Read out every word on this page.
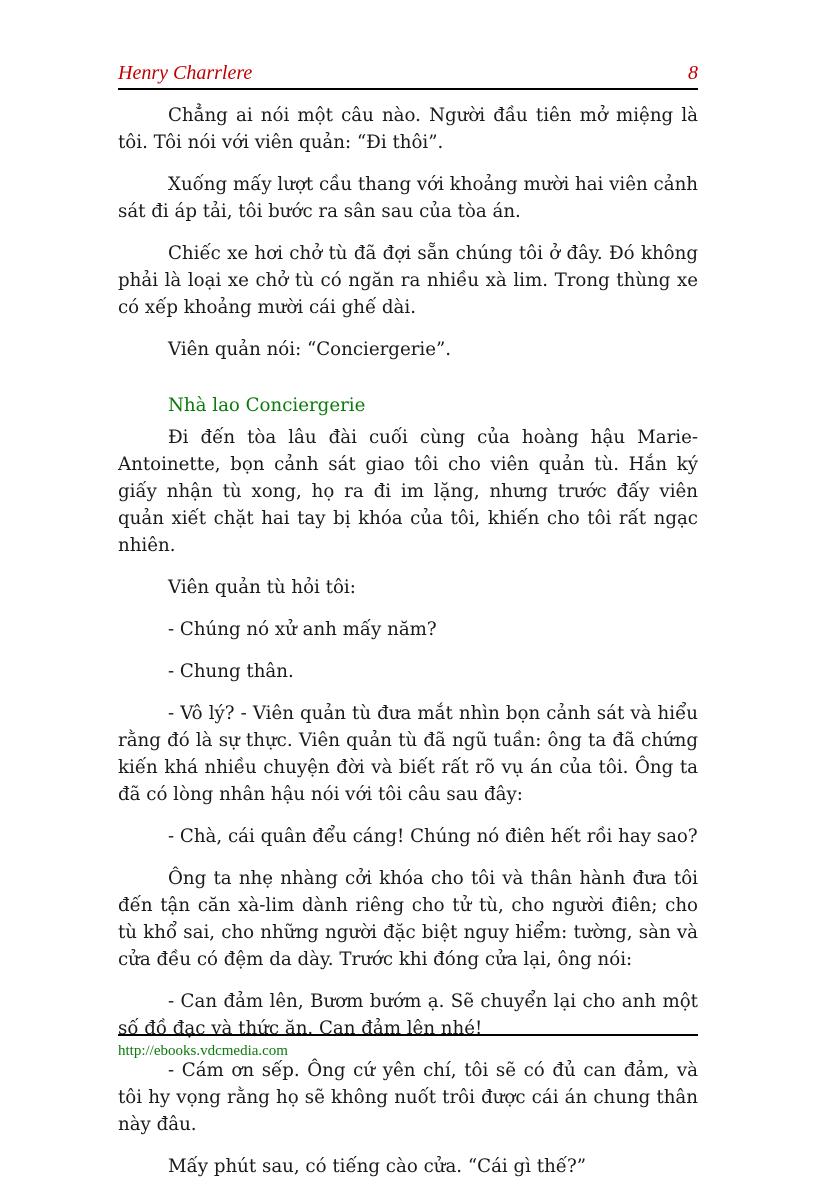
Henry Charrlere	8

Chẳng ai nói một câu nào. Người đầu tiên mở miệng là tôi. Tôi nói với viên quản: “Đi thôi”.

Xuống mấy lượt cầu thang với khoảng mười hai viên cảnh sát đi áp tải, tôi bước ra sân sau của tòa án.

Chiếc xe hơi chở tù đã đợi sẵn chúng tôi ở đây. Đó không phải là loại xe chở tù có ngăn ra nhiều xà lim. Trong thùng xe có xếp khoảng mười cái ghế dài.

Viên quản nói: “Conciergerie”.

Nhà lao Conciergerie

Đi đến tòa lâu đài cuối cùng của hoàng hậu Marie-Antoinette, bọn cảnh sát giao tôi cho viên quản tù. Hắn ký giấy nhận tù xong, họ ra đi im lặng, nhưng trước đấy viên quản xiết chặt hai tay bị khóa của tôi, khiến cho tôi rất ngạc nhiên.

Viên quản tù hỏi tôi:

- Chúng nó xử anh mấy năm?

- Chung thân.

- Vô lý? - Viên quản tù đưa mắt nhìn bọn cảnh sát và hiểu rằng đó là sự thực. Viên quản tù đã ngũ tuần: ông ta đã chứng kiến khá nhiều chuyện đời và biết rất rõ vụ án của tôi. Ông ta đã có lòng nhân hậu nói với tôi câu sau đây:

- Chà, cái quân đểu cáng! Chúng nó điên hết rồi hay sao?

Ông ta nhẹ nhàng cởi khóa cho tôi và thân hành đưa tôi đến tận căn xà-lim dành riêng cho tử tù, cho người điên; cho tù khổ sai, cho những người đặc biệt nguy hiểm: tường, sàn và cửa đều có đệm da dày. Trước khi đóng cửa lại, ông nói:

- Can đảm lên, Bươm bướm ạ. Sẽ chuyển lại cho anh một số đồ đạc và thức ăn. Can đảm lên nhé!

- Cám ơn sếp. Ông cứ yên chí, tôi sẽ có đủ can đảm, và tôi hy vọng rằng họ sẽ không nuốt trôi được cái án chung thân này đâu.

Mấy phút sau, có tiếng cào cửa. “Cái gì thế?”

http://ebooks.vdcmedia.com
